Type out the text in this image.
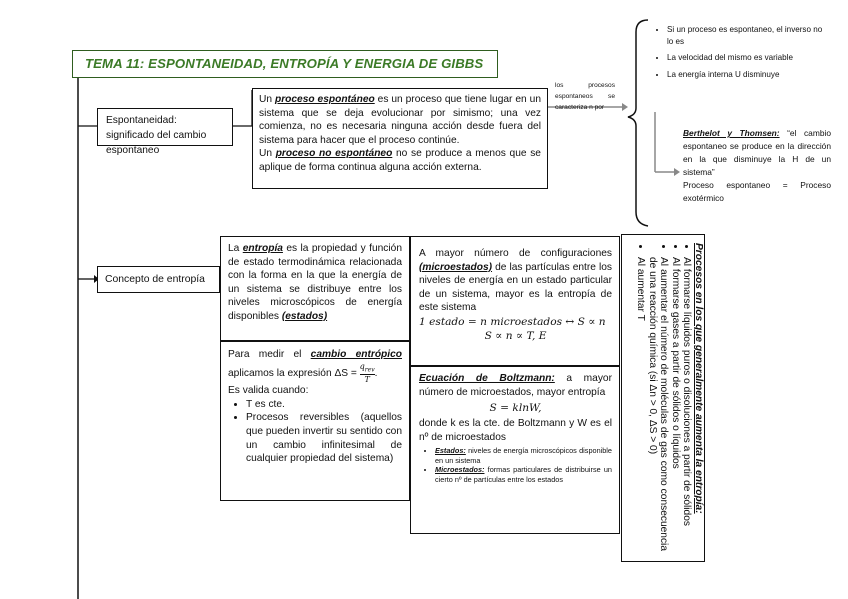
TEMA 11: ESPONTANEIDAD, ENTROPÍA Y ENERGIA DE GIBBS
Espontaneidad: significado del cambio espontaneo
Un proceso espontáneo es un proceso que tiene lugar en un sistema que se deja evolucionar por simismo; una vez comienza, no es necesaria ninguna acción desde fuera del sistema para hacer que el proceso continúe.
Un proceso no espontáneo no se produce a menos que se aplique de forma continua alguna acción externa.
los procesos espontaneos se caracteriza n por
• Si un proceso es espontaneo, el inverso no lo es
• La velocidad del mismo es variable
• La energía interna U disminuye
Berthelot y Thomsen: “el cambio espontaneo se produce en la dirección en la que disminuye la H de un sistema”
Proceso espontaneo = Proceso exotérmico
Concepto de entropía
La entropía es la propiedad y función de estado termodinámica relacionada con la forma en la que la energía de un sistema se distribuye entre los niveles microscópicos de energía disponibles (estados)
Para medir el cambio entrópico aplicamos la expresión ΔS =
$q_{rev}$
T
.
Es valida cuando:
• T es cte.
• Procesos reversibles (aquellos que pueden invertir su sentido con un cambio infinitesimal de cualquier propiedad del sistema)
A mayor número de configuraciones (microestados) de las partículas entre los niveles de energía en un estado particular de un sistema, mayor es la entropía de este sistema
1 estado = n microestados ↔ S ∝ n
S ∝ n ∝ T, E
Ecuación de Boltzmann: a mayor número de microestados, mayor entropía
S = klnW,
donde k es la cte. de Boltzmann y W es el nº de microestados
• Estados: niveles de energía microscópicos disponible en un sistema
• Microestados: formas particulares de distribuirse un cierto nº de partículas entre los estados	Procesos en los que generalmente aumenta la entropía:
• Al formarse líquidos puros o disoluciones a partir de sólidos
• Al formarse gases a partir de sólidos o líquidos
• Al aumentar el número de moléculas de gas como consecuencia de una reacción química (si Δn > 0, ΔS > 0)
• Al aumentar T
